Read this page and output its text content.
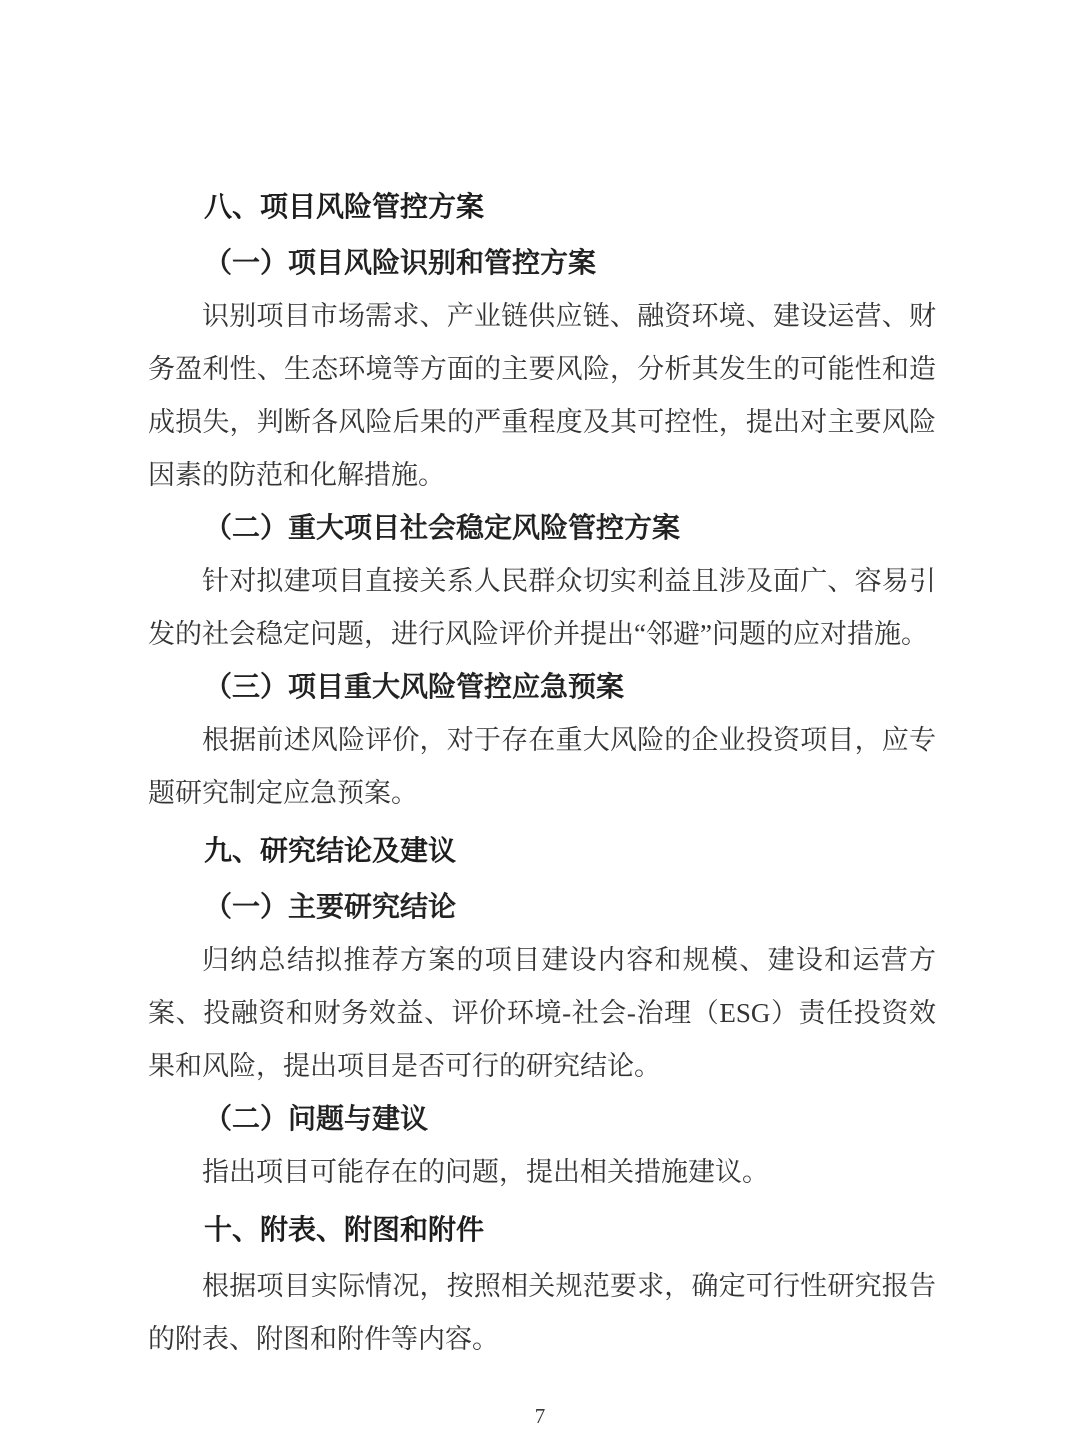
八、项目风险管控方案
（一）项目风险识别和管控方案
识别项目市场需求、产业链供应链、融资环境、建设运营、财务盈利性、生态环境等方面的主要风险，分析其发生的可能性和造成损失，判断各风险后果的严重程度及其可控性，提出对主要风险因素的防范和化解措施。
（二）重大项目社会稳定风险管控方案
针对拟建项目直接关系人民群众切实利益且涉及面广、容易引发的社会稳定问题，进行风险评价并提出“邻避”问题的应对措施。
（三）项目重大风险管控应急预案
根据前述风险评价，对于存在重大风险的企业投资项目，应专题研究制定应急预案。
九、研究结论及建议
（一）主要研究结论
归纳总结拟推荐方案的项目建设内容和规模、建设和运营方案、投融资和财务效益、评价环境-社会-治理（ESG）责任投资效果和风险，提出项目是否可行的研究结论。
（二）问题与建议
指出项目可能存在的问题，提出相关措施建议。
十、附表、附图和附件
根据项目实际情况，按照相关规范要求，确定可行性研究报告的附表、附图和附件等内容。
7
